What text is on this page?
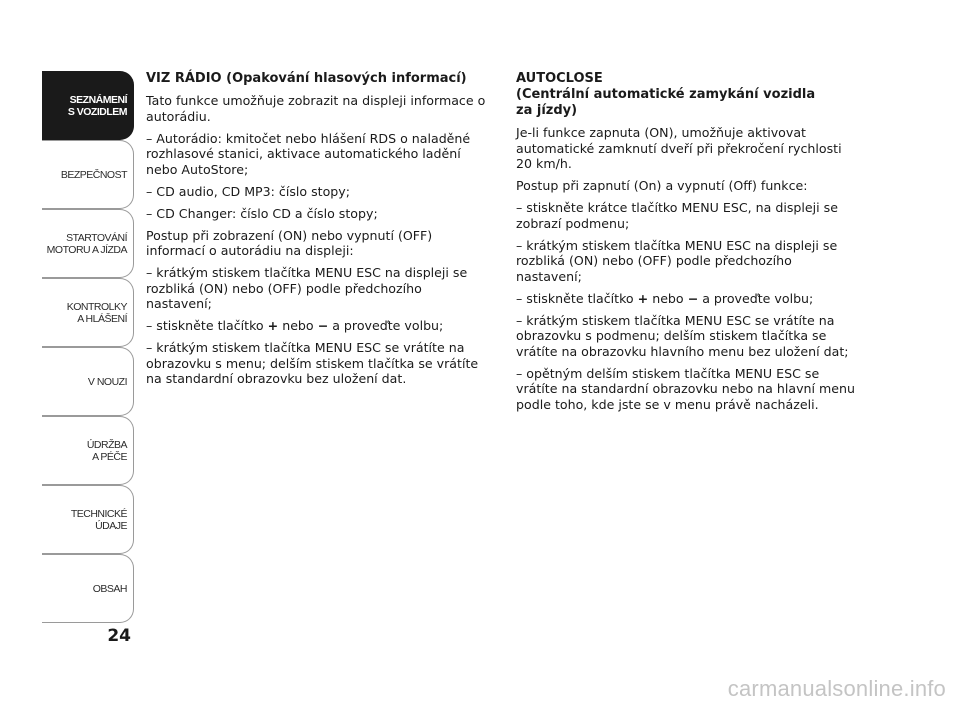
SEZNÁMENÍ
S VOZIDLEM
BEZPEČNOST
STARTOVÁNÍ
MOTORU A JÍZDA
KONTROLKY
A HLÁŠENÍ
V NOUZI
ÚDRŽBA
A PÉČE
TECHNICKÉ
ÚDAJE
OBSAH
24

VIZ RÁDIO (Opakování hlasových informací)

Tato funkce umožňuje zobrazit na displeji informace o autorádiu.

– Autorádio: kmitočet nebo hlášení RDS o naladěné rozhlasové stanici, aktivace automatického ladění nebo AutoStore;

– CD audio, CD MP3: číslo stopy;

– CD Changer: číslo CD a číslo stopy;

Postup při zobrazení (ON) nebo vypnutí (OFF) informací o autorádiu na displeji:

– krátkým stiskem tlačítka MENU ESC na displeji se rozbliká (ON) nebo (OFF) podle předchozího nastavení;

– stiskněte tlačítko + nebo − a proveďte volbu;

– krátkým stiskem tlačítka MENU ESC se vrátíte na obrazovku s menu; delším stiskem tlačítka se vrátíte na standardní obrazovku bez uložení dat.

AUTOCLOSE
(Centrální automatické zamykání vozidla
za jízdy)

Je-li funkce zapnuta (ON), umožňuje aktivovat automatické zamknutí dveří při překročení rychlosti 20 km/h.

Postup při zapnutí (On) a vypnutí (Off) funkce:

– stiskněte krátce tlačítko MENU ESC, na displeji se zobrazí podmenu;

– krátkým stiskem tlačítka MENU ESC na displeji se rozbliká (ON) nebo (OFF) podle předchozího nastavení;

– stiskněte tlačítko + nebo − a proveďte volbu;

– krátkým stiskem tlačítka MENU ESC se vrátíte na obrazovku s podmenu; delším stiskem tlačítka se vrátíte na obrazovku hlavního menu bez uložení dat;

– opětným delším stiskem tlačítka MENU ESC se vrátíte na standardní obrazovku nebo na hlavní menu podle toho, kde jste se v menu právě nacházeli.

carmanualsonline.info
